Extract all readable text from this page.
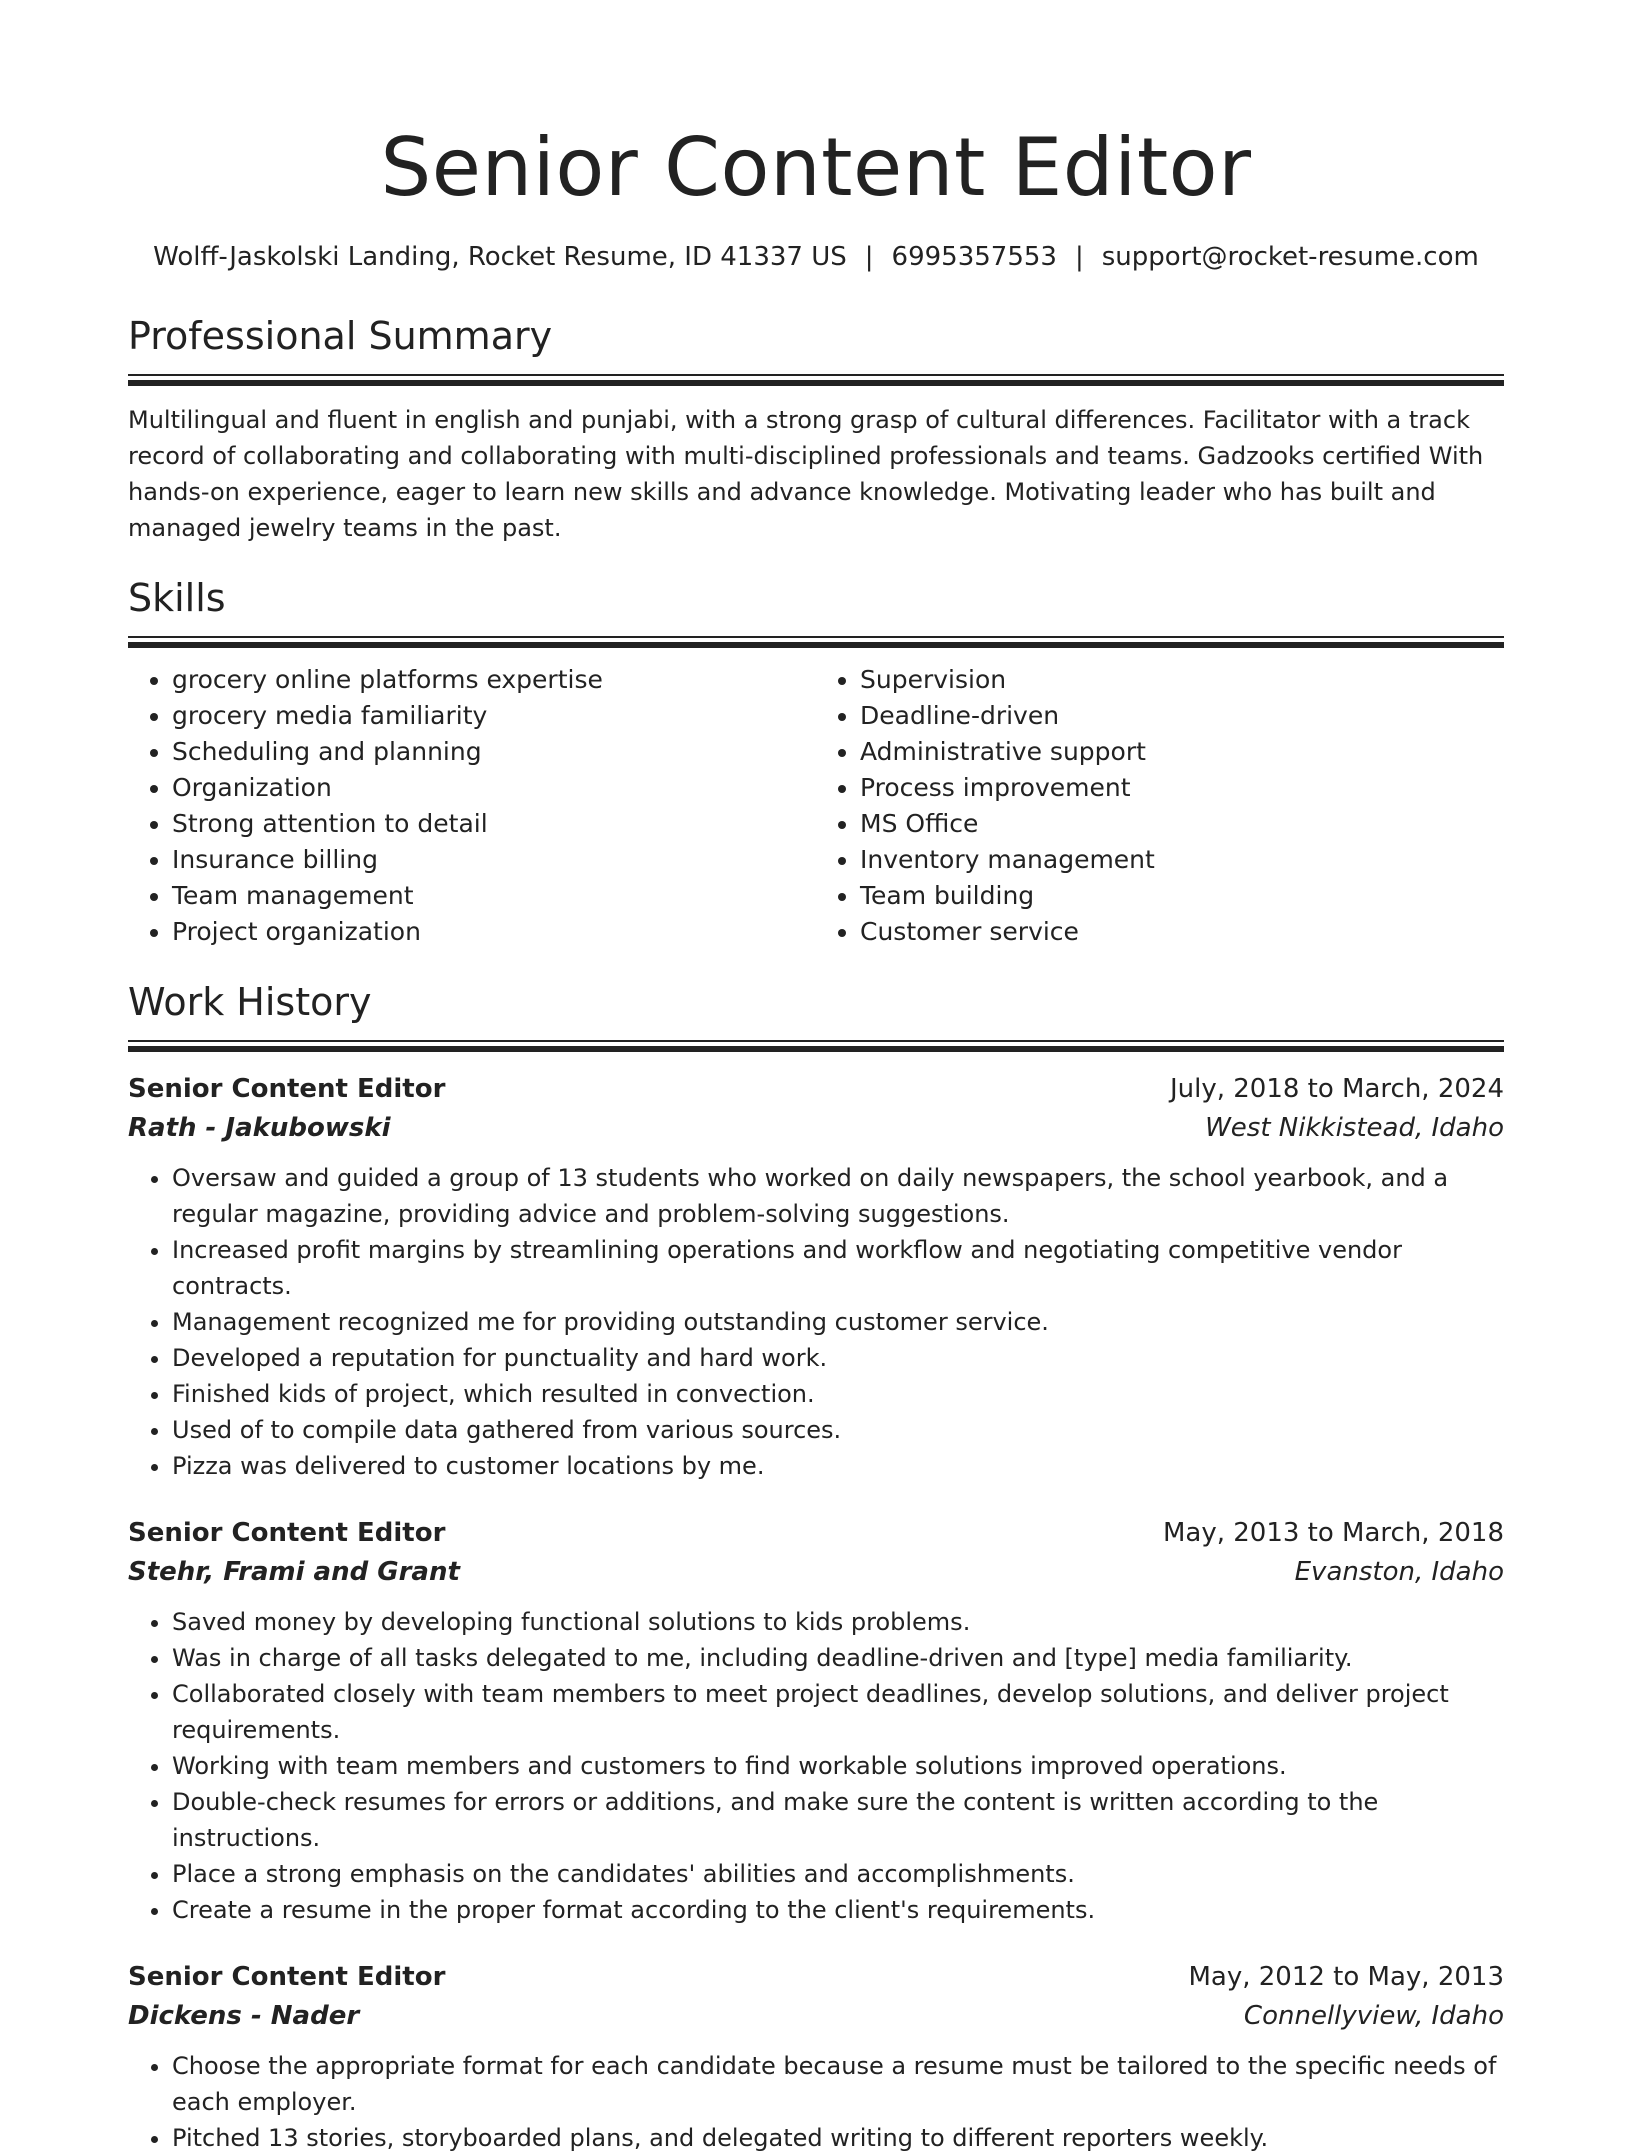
Senior Content Editor
Wolff-Jaskolski Landing, Rocket Resume, ID 41337 US | 6995357553 | support@rocket-resume.com
Professional Summary

Multilingual and fluent in english and punjabi, with a strong grasp of cultural differences. Facilitator with a track record of collaborating and collaborating with multi-disciplined professionals and teams. Gadzooks certified With hands-on experience, eager to learn new skills and advance knowledge. Motivating leader who has built and managed jewelry teams in the past.

Skills
• grocery online platforms expertise
• grocery media familiarity
• Scheduling and planning
• Organization
• Strong attention to detail
• Insurance billing
• Team management
• Project organization
• Supervision
• Deadline-driven
• Administrative support
• Process improvement
• MS Office
• Inventory management
• Team building
• Customer service
Work History
Senior Content Editor	July, 2018 to March, 2024
Rath - Jakubowski	West Nikkistead, Idaho
• Oversaw and guided a group of 13 students who worked on daily newspapers, the school yearbook, and a regular magazine, providing advice and problem-solving suggestions.
• Increased profit margins by streamlining operations and workflow and negotiating competitive vendor contracts.
• Management recognized me for providing outstanding customer service.
• Developed a reputation for punctuality and hard work.
• Finished kids of project, which resulted in convection.
• Used of to compile data gathered from various sources.
• Pizza was delivered to customer locations by me.
Senior Content Editor	May, 2013 to March, 2018
Stehr, Frami and Grant	Evanston, Idaho
• Saved money by developing functional solutions to kids problems.
• Was in charge of all tasks delegated to me, including deadline-driven and [type] media familiarity.
• Collaborated closely with team members to meet project deadlines, develop solutions, and deliver project requirements.
• Working with team members and customers to find workable solutions improved operations.
• Double-check resumes for errors or additions, and make sure the content is written according to the instructions.
• Place a strong emphasis on the candidates' abilities and accomplishments.
• Create a resume in the proper format according to the client's requirements.
Senior Content Editor	May, 2012 to May, 2013
Dickens - Nader	Connellyview, Idaho
• Choose the appropriate format for each candidate because a resume must be tailored to the specific needs of each employer.
• Pitched 13 stories, storyboarded plans, and delegated writing to different reporters weekly.
